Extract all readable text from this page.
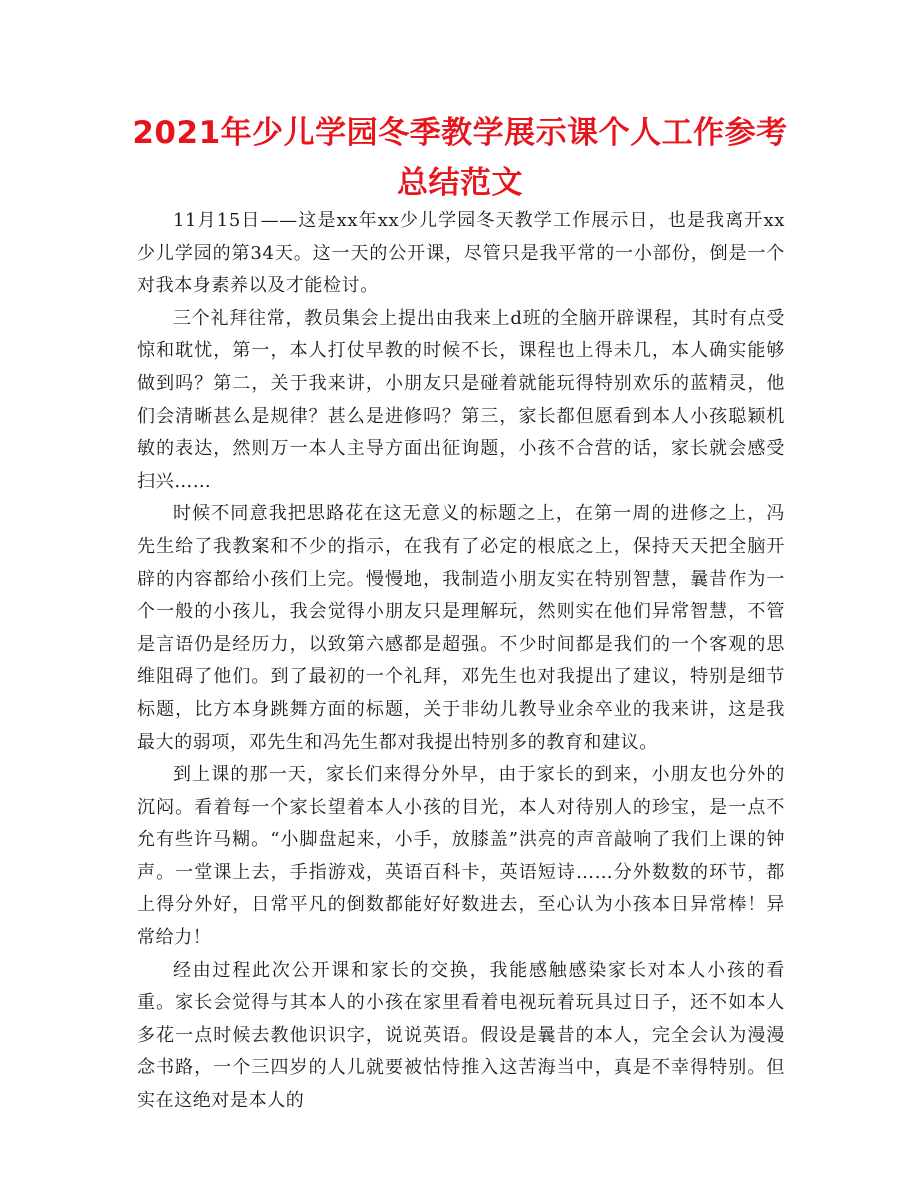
2021年少儿学园冬季教学展示课个人工作参考总结范文

11月15日——这是xx年xx少儿学园冬天教学工作展示日，也是我离开xx少儿学园的第34天。这一天的公开课，尽管只是我平常的一小部份，倒是一个对我本身素养以及才能检讨。

三个礼拜往常，教员集会上提出由我来上d班的全脑开辟课程，其时有点受惊和耽忧，第一，本人打仗早教的时候不长，课程也上得未几，本人确实能够做到吗？第二，关于我来讲，小朋友只是碰着就能玩得特别欢乐的蓝精灵，他们会清晰甚么是规律？甚么是进修吗？第三，家长都但愿看到本人小孩聪颖机敏的表达，然则万一本人主导方面出征询题，小孩不合营的话，家长就会感受扫兴……

时候不同意我把思路花在这无意义的标题之上，在第一周的进修之上，冯先生给了我教案和不少的指示，在我有了必定的根底之上，保持天天把全脑开辟的内容都给小孩们上完。慢慢地，我制造小朋友实在特别智慧，曩昔作为一个一般的小孩儿，我会觉得小朋友只是理解玩，然则实在他们异常智慧，不管是言语仍是经历力，以致第六感都是超强。不少时间都是我们的一个客观的思维阻碍了他们。到了最初的一个礼拜，邓先生也对我提出了建议，特别是细节标题，比方本身跳舞方面的标题，关于非幼儿教导业余卒业的我来讲，这是我最大的弱项，邓先生和冯先生都对我提出特别多的教育和建议。

到上课的那一天，家长们来得分外早，由于家长的到来，小朋友也分外的沉闷。看着每一个家长望着本人小孩的目光，本人对待别人的珍宝，是一点不允有些许马糊。“小脚盘起来，小手，放膝盖”洪亮的声音敲响了我们上课的钟声。一堂课上去，手指游戏，英语百科卡，英语短诗……分外数数的环节，都上得分外好，日常平凡的倒数都能好好数进去，至心认为小孩本日异常棒！异常给力！

经由过程此次公开课和家长的交换，我能感触感染家长对本人小孩的看重。家长会觉得与其本人的小孩在家里看着电视玩着玩具过日子，还不如本人多花一点时候去教他识识字，说说英语。假设是曩昔的本人，完全会认为漫漫念书路，一个三四岁的人儿就要被怙恃推入这苦海当中，真是不幸得特别。但实在这绝对是本人的
